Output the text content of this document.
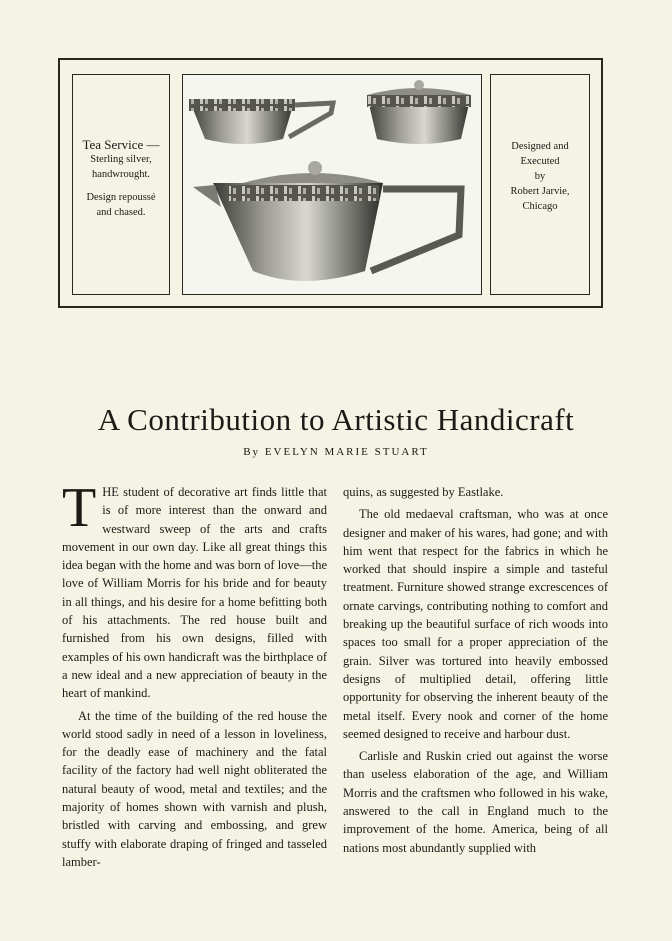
Tea Service —
Sterling silver,
handwrought.
Design repoussé
and chased.
Designed and
Executed
by
Robert Jarvie,
Chicago
A Contribution to Artistic Handicraft
By EVELYN MARIE STUART

THE student of decorative art finds little that is of more interest than the onward and westward sweep of the arts and crafts movement in our own day. Like all great things this idea began with the home and was born of love—the love of William Morris for his bride and for beauty in all things, and his desire for a home befitting both of his attachments. The red house built and furnished from his own designs, filled with examples of his own handicraft was the birthplace of a new ideal and a new appreciation of beauty in the heart of mankind.

At the time of the building of the red house the world stood sadly in need of a lesson in loveliness, for the deadly ease of machinery and the fatal facility of the factory had well night obliterated the natural beauty of wood, metal and textiles; and the majority of homes shown with varnish and plush, bristled with carving and embossing, and grew stuffy with elaborate draping of fringed and tasseled lamber-

quins, as suggested by Eastlake.

The old medaeval craftsman, who was at once designer and maker of his wares, had gone; and with him went that respect for the fabrics in which he worked that should inspire a simple and tasteful treatment. Furniture showed strange excrescences of ornate carvings, contributing nothing to comfort and breaking up the beautiful surface of rich woods into spaces too small for a proper appreciation of the grain. Silver was tortured into heavily embossed designs of multiplied detail, offering little opportunity for observing the inherent beauty of the metal itself. Every nook and corner of the home seemed designed to receive and harbour dust.

Carlisle and Ruskin cried out against the worse than useless elaboration of the age, and William Morris and the craftsmen who followed in his wake, answered to the call in England much to the improvement of the home. America, being of all nations most abundantly supplied with
